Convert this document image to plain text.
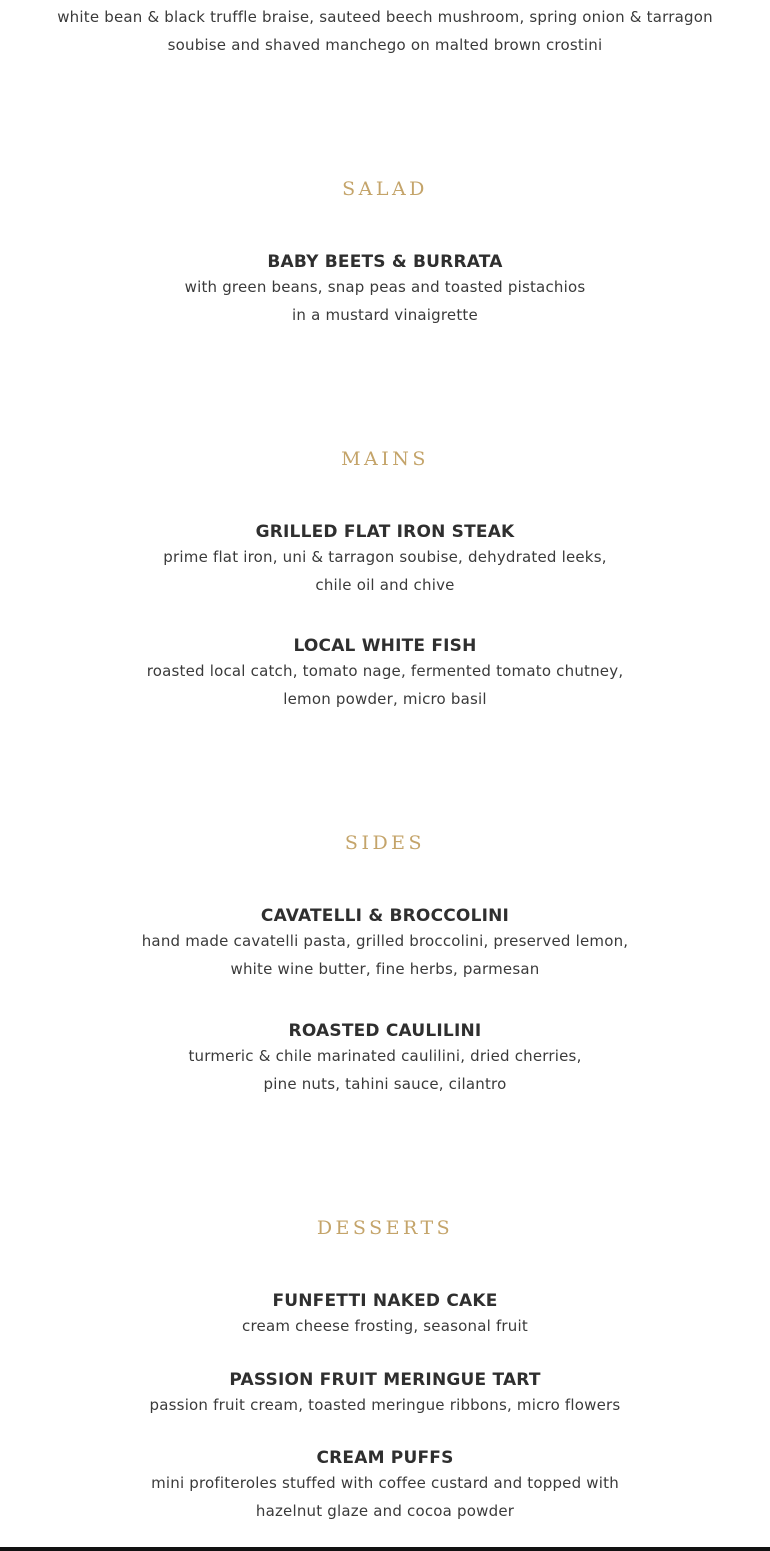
white bean & black truffle braise, sauteed beech mushroom, spring onion & tarragon
soubise and shaved manchego on malted brown crostini
SALAD
BABY BEETS & BURRATA
with green beans, snap peas and toasted pistachios
in a mustard vinaigrette
MAINS
GRILLED FLAT IRON STEAK
prime flat iron, uni & tarragon soubise, dehydrated leeks,
chile oil and chive
LOCAL WHITE FISH
roasted local catch, tomato nage, fermented tomato chutney,
lemon powder, micro basil
SIDES
CAVATELLI & BROCCOLINI
hand made cavatelli pasta, grilled broccolini, preserved lemon,
white wine butter, fine herbs, parmesan
ROASTED CAULILINI
turmeric & chile marinated caulilini, dried cherries,
pine nuts, tahini sauce, cilantro
DESSERTS
FUNFETTI NAKED CAKE
cream cheese frosting, seasonal fruit
PASSION FRUIT MERINGUE TART
passion fruit cream, toasted meringue ribbons, micro flowers
CREAM PUFFS
mini profiteroles stuffed with coffee custard and topped with
hazelnut glaze and cocoa powder
